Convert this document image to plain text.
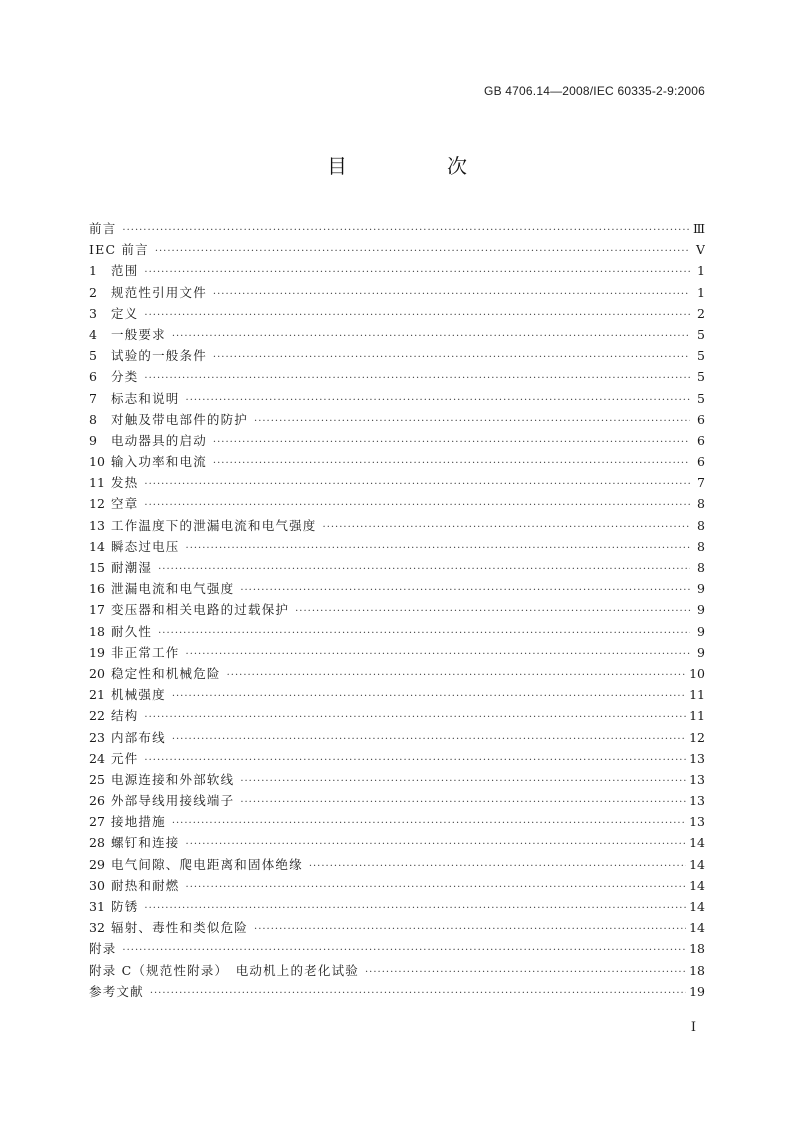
GB 4706.14—2008/IEC 60335-2-9:2006
目　次
前言 ·····	Ⅲ
IEC 前言 ·····	Ⅴ
1	范围 ·····	1
2	规范性引用文件 ·····	1
3	定义 ·····	2
4	一般要求 ·····	5
5	试验的一般条件 ·····	5
6	分类 ·····	5
7	标志和说明 ·····	5
8	对触及带电部件的防护 ·····	6
9	电动器具的启动 ·····	6
10 输入功率和电流 ·····	6
11 发热 ·····	7
12 空章 ·····	8
13 工作温度下的泄漏电流和电气强度 ·····	8
14 瞬态过电压 ·····	8
15 耐潮湿 ·····	8
16 泄漏电流和电气强度 ·····	9
17 变压器和相关电路的过载保护 ·····	9
18 耐久性 ·····	9
19 非正常工作 ·····	9
20 稳定性和机械危险 ·····	10
21 机械强度 ·····	11
22 结构 ·····	11
23 内部布线 ·····	12
24 元件 ·····	13
25 电源连接和外部软线 ·····	13
26 外部导线用接线端子 ·····	13
27 接地措施 ·····	13
28 螺钉和连接 ·····	14
29 电气间隙、爬电距离和固体绝缘 ·····	14
30 耐热和耐燃 ·····	14
31 防锈 ·····	14
32 辐射、毒性和类似危险 ·····	14
附录 ·····	18
附录 C（规范性附录）　电动机上的老化试验 ·····	18
参考文献 ·····	19
Ⅰ
